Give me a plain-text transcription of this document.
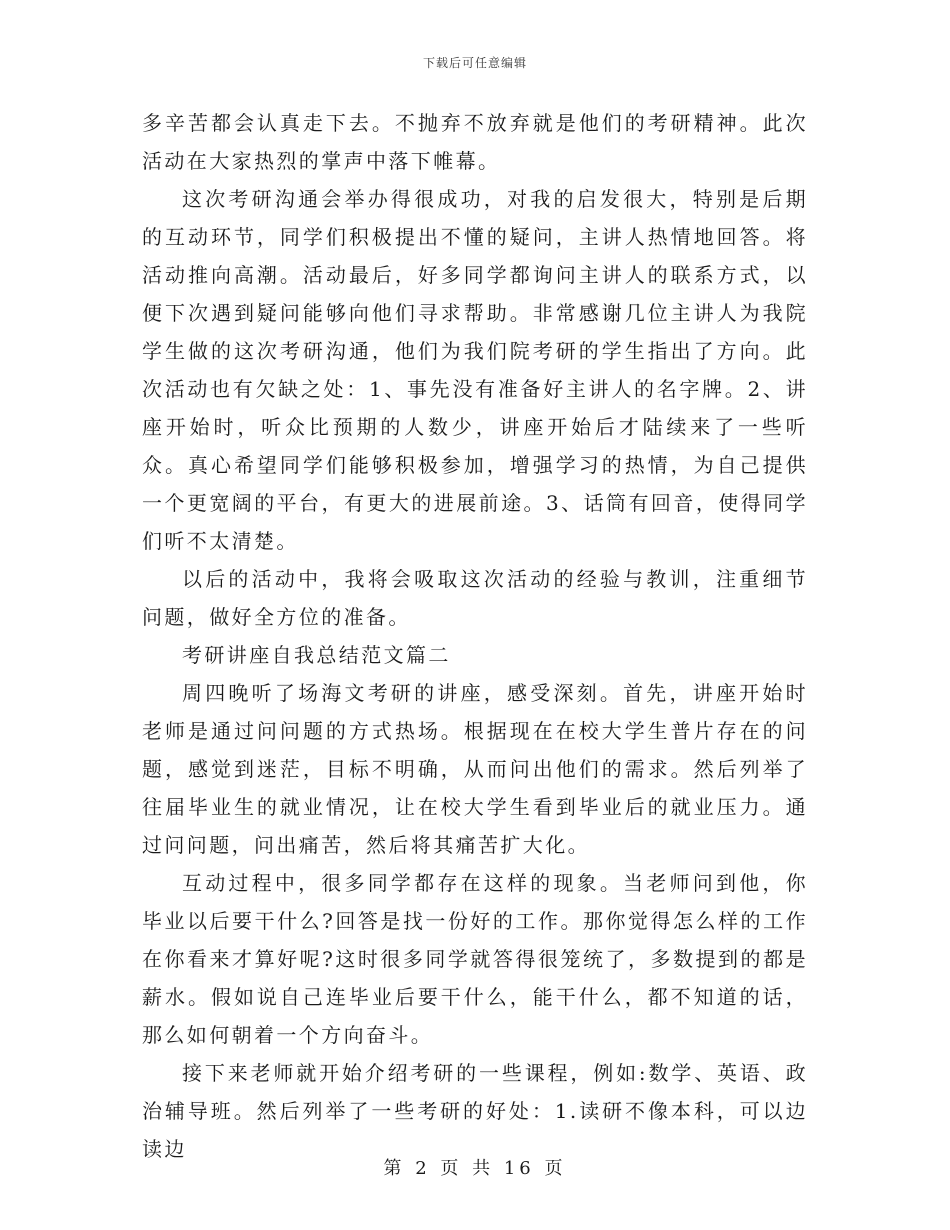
下载后可任意编辑

多辛苦都会认真走下去。不抛弃不放弃就是他们的考研精神。此次活动在大家热烈的掌声中落下帷幕。

这次考研沟通会举办得很成功，对我的启发很大，特别是后期的互动环节，同学们积极提出不懂的疑问，主讲人热情地回答。将活动推向高潮。活动最后，好多同学都询问主讲人的联系方式，以便下次遇到疑问能够向他们寻求帮助。非常感谢几位主讲人为我院学生做的这次考研沟通，他们为我们院考研的学生指出了方向。此次活动也有欠缺之处：1、事先没有准备好主讲人的名字牌。2、讲座开始时，听众比预期的人数少，讲座开始后才陆续来了一些听众。真心希望同学们能够积极参加，增强学习的热情，为自己提供一个更宽阔的平台，有更大的进展前途。3、话筒有回音，使得同学们听不太清楚。

以后的活动中，我将会吸取这次活动的经验与教训，注重细节问题，做好全方位的准备。

考研讲座自我总结范文篇二

周四晚听了场海文考研的讲座，感受深刻。首先，讲座开始时老师是通过问问题的方式热场。根据现在在校大学生普片存在的问题，感觉到迷茫，目标不明确，从而问出他们的需求。然后列举了往届毕业生的就业情况，让在校大学生看到毕业后的就业压力。通过问问题，问出痛苦，然后将其痛苦扩大化。

互动过程中，很多同学都存在这样的现象。当老师问到他，你毕业以后要干什么?回答是找一份好的工作。那你觉得怎么样的工作在你看来才算好呢?这时很多同学就答得很笼统了，多数提到的都是薪水。假如说自己连毕业后要干什么，能干什么，都不知道的话，那么如何朝着一个方向奋斗。

接下来老师就开始介绍考研的一些课程，例如:数学、英语、政治辅导班。然后列举了一些考研的好处：1.读研不像本科，可以边读边

第 2 页 共 16 页
